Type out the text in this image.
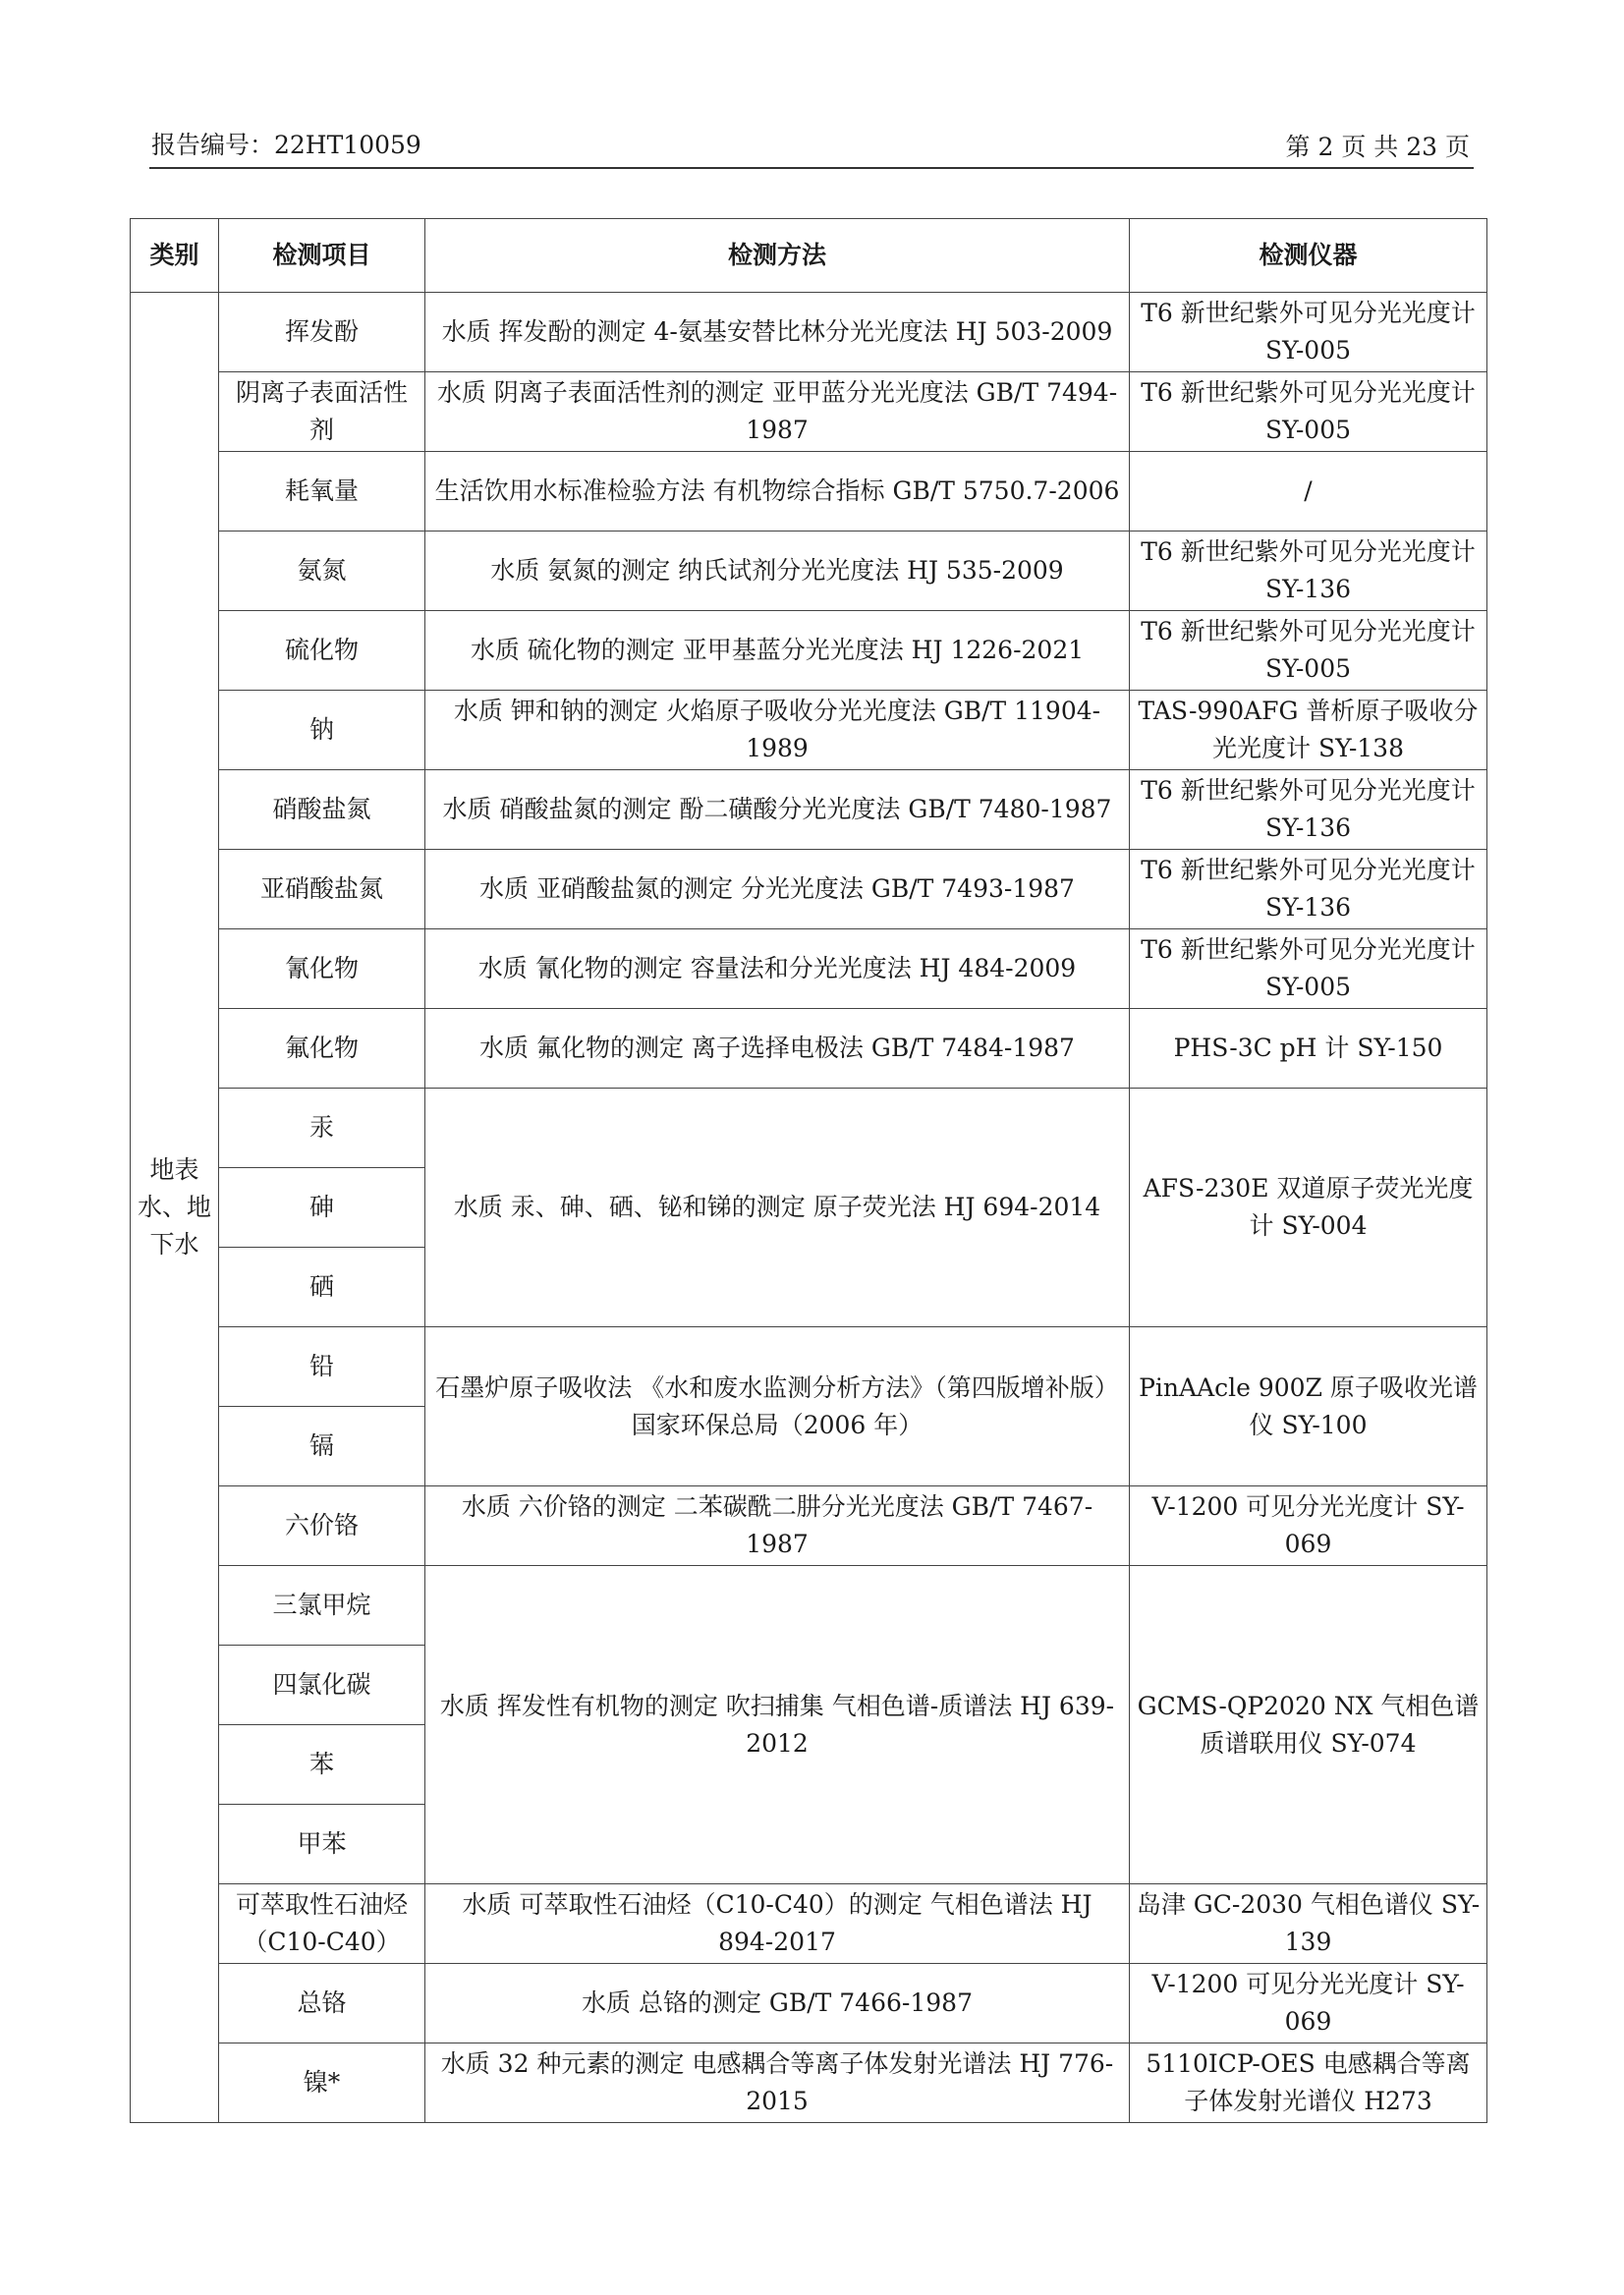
报告编号：22HT10059	第 2 页 共 23 页
类别	检测项目	检测方法	检测仪器
地表水、地下水	挥发酚	水质 挥发酚的测定 4-氨基安替比林分光光度法 HJ 503-2009	T6 新世纪紫外可见分光光度计 SY-005
	阴离子表面活性剂	水质 阴离子表面活性剂的测定 亚甲蓝分光光度法 GB/T 7494-1987	T6 新世纪紫外可见分光光度计 SY-005
	耗氧量	生活饮用水标准检验方法 有机物综合指标 GB/T 5750.7-2006	/
	氨氮	水质 氨氮的测定 纳氏试剂分光光度法 HJ 535-2009	T6 新世纪紫外可见分光光度计 SY-136
	硫化物	水质 硫化物的测定 亚甲基蓝分光光度法 HJ 1226-2021	T6 新世纪紫外可见分光光度计 SY-005
	钠	水质 钾和钠的测定 火焰原子吸收分光光度法 GB/T 11904-1989	TAS-990AFG 普析原子吸收分光光度计 SY-138
	硝酸盐氮	水质 硝酸盐氮的测定 酚二磺酸分光光度法 GB/T 7480-1987	T6 新世纪紫外可见分光光度计 SY-136
	亚硝酸盐氮	水质 亚硝酸盐氮的测定 分光光度法 GB/T 7493-1987	T6 新世纪紫外可见分光光度计 SY-136
	氰化物	水质 氰化物的测定 容量法和分光光度法 HJ 484-2009	T6 新世纪紫外可见分光光度计 SY-005
	氟化物	水质 氟化物的测定 离子选择电极法 GB/T 7484-1987	PHS-3C pH 计 SY-150
	汞	水质 汞、砷、硒、铋和锑的测定 原子荧光法 HJ 694-2014	AFS-230E 双道原子荧光光度计 SY-004
	砷		
	硒		
	铅	石墨炉原子吸收法 《水和废水监测分析方法》（第四版增补版）国家环保总局（2006 年）	PinAAcle 900Z 原子吸收光谱仪 SY-100
	镉		
	六价铬	水质 六价铬的测定 二苯碳酰二肼分光光度法 GB/T 7467-1987	V-1200 可见分光光度计 SY-069
	三氯甲烷	水质 挥发性有机物的测定 吹扫捕集 气相色谱-质谱法 HJ 639-2012	GCMS-QP2020 NX 气相色谱质谱联用仪 SY-074
	四氯化碳		
	苯		
	甲苯		
	可萃取性石油烃（C10-C40）	水质 可萃取性石油烃（C10-C40）的测定 气相色谱法 HJ 894-2017	岛津 GC-2030 气相色谱仪 SY-139
	总铬	水质 总铬的测定 GB/T 7466-1987	V-1200 可见分光光度计 SY-069
	镍*	水质 32 种元素的测定 电感耦合等离子体发射光谱法 HJ 776-2015	5110ICP-OES 电感耦合等离子体发射光谱仪 H273
